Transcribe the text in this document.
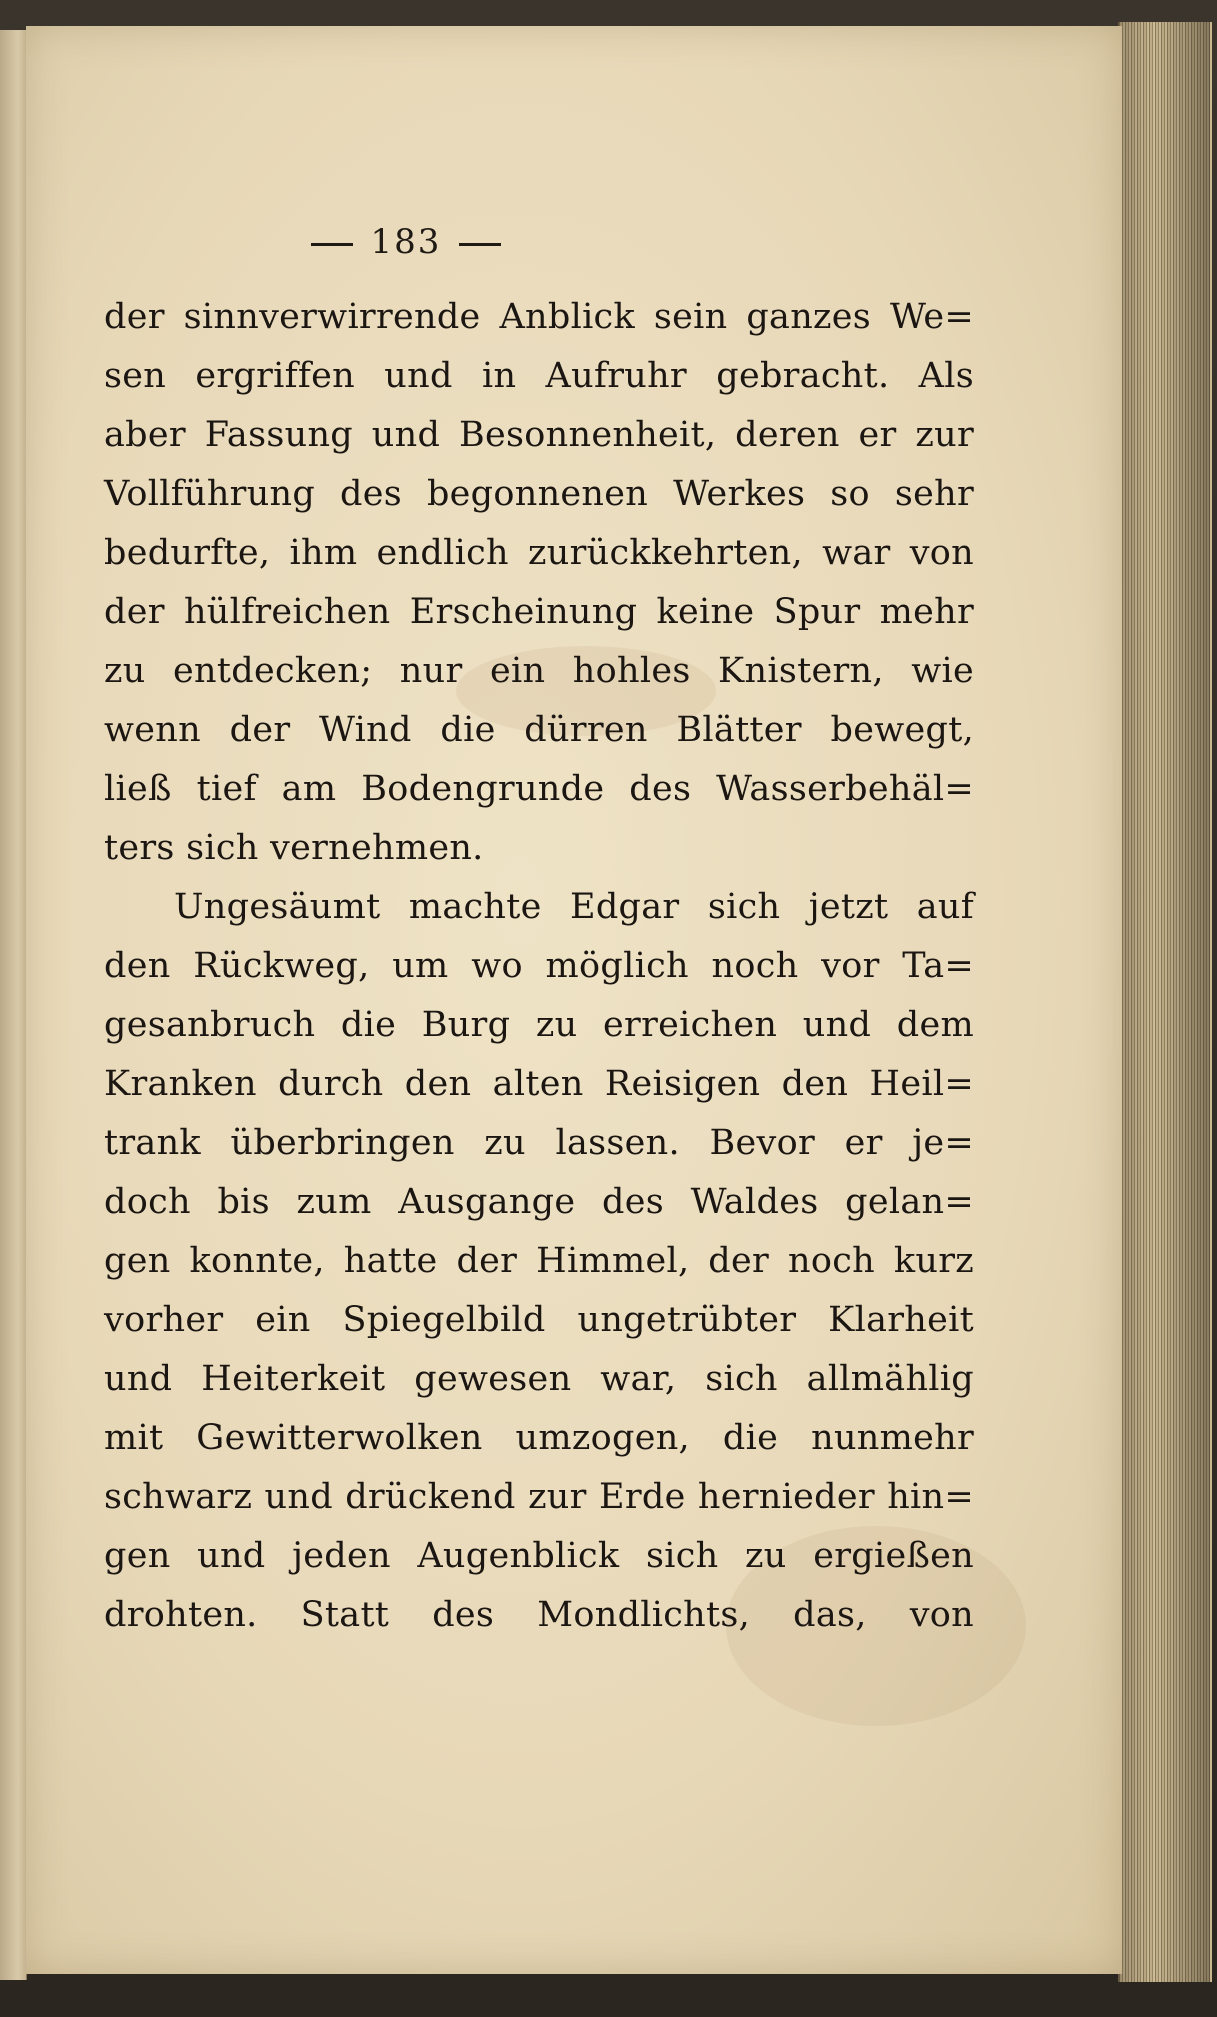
183
der sinnverwirrende Anblick sein ganzes We=
sen ergriffen und in Aufruhr gebracht. Als
aber Fassung und Besonnenheit, deren er zur
Vollführung des begonnenen Werkes so sehr
bedurfte, ihm endlich zurückkehrten, war von
der hülfreichen Erscheinung keine Spur mehr
zu entdecken; nur ein hohles Knistern, wie
wenn der Wind die dürren Blätter bewegt,
ließ tief am Bodengrunde des Wasserbehäl=
ters sich vernehmen.
Ungesäumt machte Edgar sich jetzt auf
den Rückweg, um wo möglich noch vor Ta=
gesanbruch die Burg zu erreichen und dem
Kranken durch den alten Reisigen den Heil=
trank überbringen zu lassen. Bevor er je=
doch bis zum Ausgange des Waldes gelan=
gen konnte, hatte der Himmel, der noch kurz
vorher ein Spiegelbild ungetrübter Klarheit
und Heiterkeit gewesen war, sich allmählig
mit Gewitterwolken umzogen, die nunmehr
schwarz und drückend zur Erde hernieder hin=
gen und jeden Augenblick sich zu ergießen
drohten. Statt des Mondlichts, das, von
